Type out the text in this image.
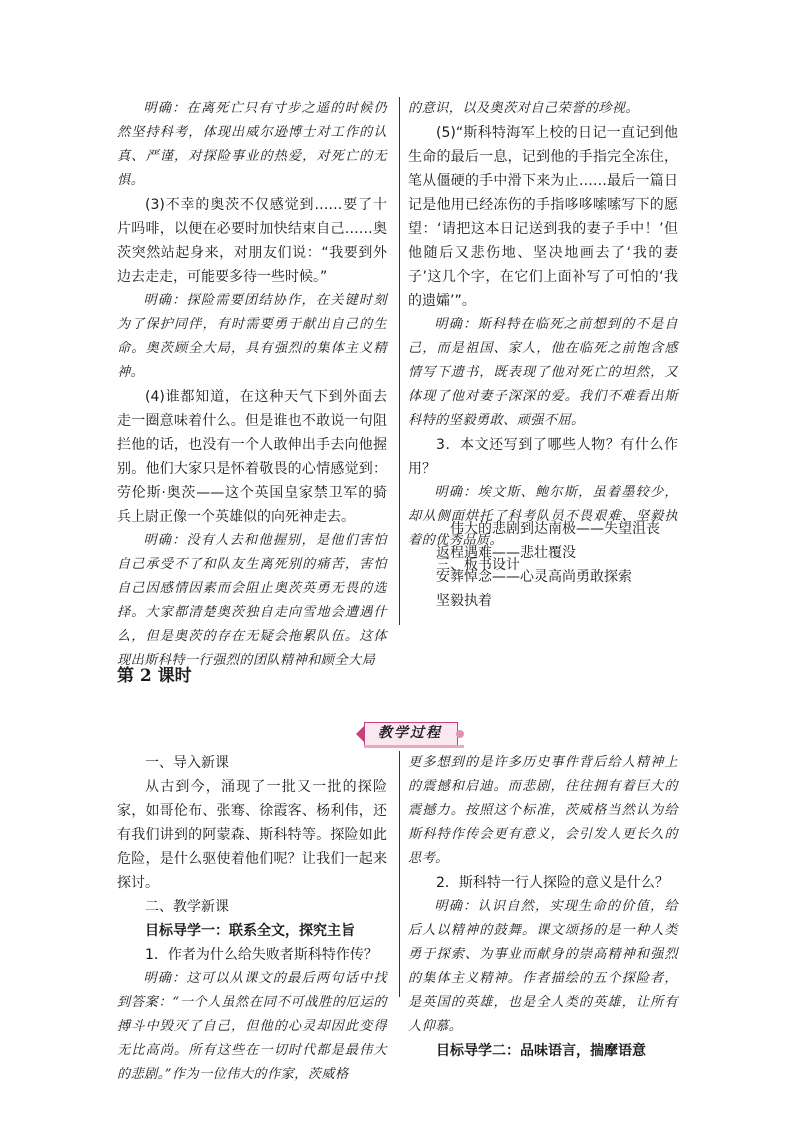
明确：在离死亡只有寸步之遥的时候仍然坚持科考，体现出威尔逊博士对工作的认真、严谨，对探险事业的热爱，对死亡的无惧。

(3)不幸的奥茨不仅感觉到……要了十片吗啡，以便在必要时加快结束自己……奥茨突然站起身来，对朋友们说：“我要到外边去走走，可能要多待一些时候。”

明确：探险需要团结协作，在关键时刻为了保护同伴，有时需要勇于献出自己的生命。奥茨顾全大局，具有强烈的集体主义精神。

(4)谁都知道，在这种天气下到外面去走一圈意味着什么。但是谁也不敢说一句阻拦他的话，也没有一个人敢伸出手去向他握别。他们大家只是怀着敬畏的心情感觉到：劳伦斯·奥茨——这个英国皇家禁卫军的骑兵上尉正像一个英雄似的向死神走去。

明确：没有人去和他握别，是他们害怕自己承受不了和队友生离死别的痛苦，害怕自己因感情因素而会阻止奥茨英勇无畏的选择。大家都清楚奥茨独自走向雪地会遭遇什么，但是奥茨的存在无疑会拖累队伍。这体现出斯科特一行强烈的团队精神和顾全大局

的意识，以及奥茨对自己荣誉的珍视。

(5)“斯科特海军上校的日记一直记到他生命的最后一息，记到他的手指完全冻住，笔从僵硬的手中滑下来为止……最后一篇日记是他用已经冻伤的手指哆哆嗦嗦写下的愿望：‘请把这本日记送到我的妻子手中！’但他随后又悲伤地、坚决地画去了‘我的妻子’这几个字，在它们上面补写了可怕的‘我的遗孀’”。

明确：斯科特在临死之前想到的不是自己，而是祖国、家人，他在临死之前饱含感情写下遗书，既表现了他对死亡的坦然，又体现了他对妻子深深的爱。我们不难看出斯科特的坚毅勇敢、顽强不屈。

3．本文还写到了哪些人物？有什么作用？

明确：埃文斯、鲍尔斯，虽着墨较少，却从侧面烘托了科考队员不畏艰难、坚毅执着的优秀品质。

三、板书设计

伟大的悲剧到达南极——失望沮丧

返程遇难——悲壮覆没

安葬悼念——心灵高尚勇敢探索

坚毅执着

第 2 课时
教学过程

一、导入新课

从古到今，涌现了一批又一批的探险家，如哥伦布、张骞、徐霞客、杨利伟，还有我们讲到的阿蒙森、斯科特等。探险如此危险，是什么驱使着他们呢？让我们一起来探讨。

二、教学新课

目标导学一：联系全文，探究主旨

1．作者为什么给失败者斯科特作传？

明确：这可以从课文的最后两句话中找到答案：“一个人虽然在同不可战胜的厄运的搏斗中毁灭了自己，但他的心灵却因此变得无比高尚。所有这些在一切时代都是最伟大的悲剧。”作为一位伟大的作家，茨威格

更多想到的是许多历史事件背后给人精神上的震撼和启迪。而悲剧，往往拥有着巨大的震撼力。按照这个标准，茨威格当然认为给斯科特作传会更有意义，会引发人更长久的思考。

2．斯科特一行人探险的意义是什么？

明确：认识自然，实现生命的价值，给后人以精神的鼓舞。课文颂扬的是一种人类勇于探索、为事业而献身的崇高精神和强烈的集体主义精神。作者描绘的五个探险者，是英国的英雄，也是全人类的英雄，让所有人仰慕。

目标导学二：品味语言，揣摩语意
